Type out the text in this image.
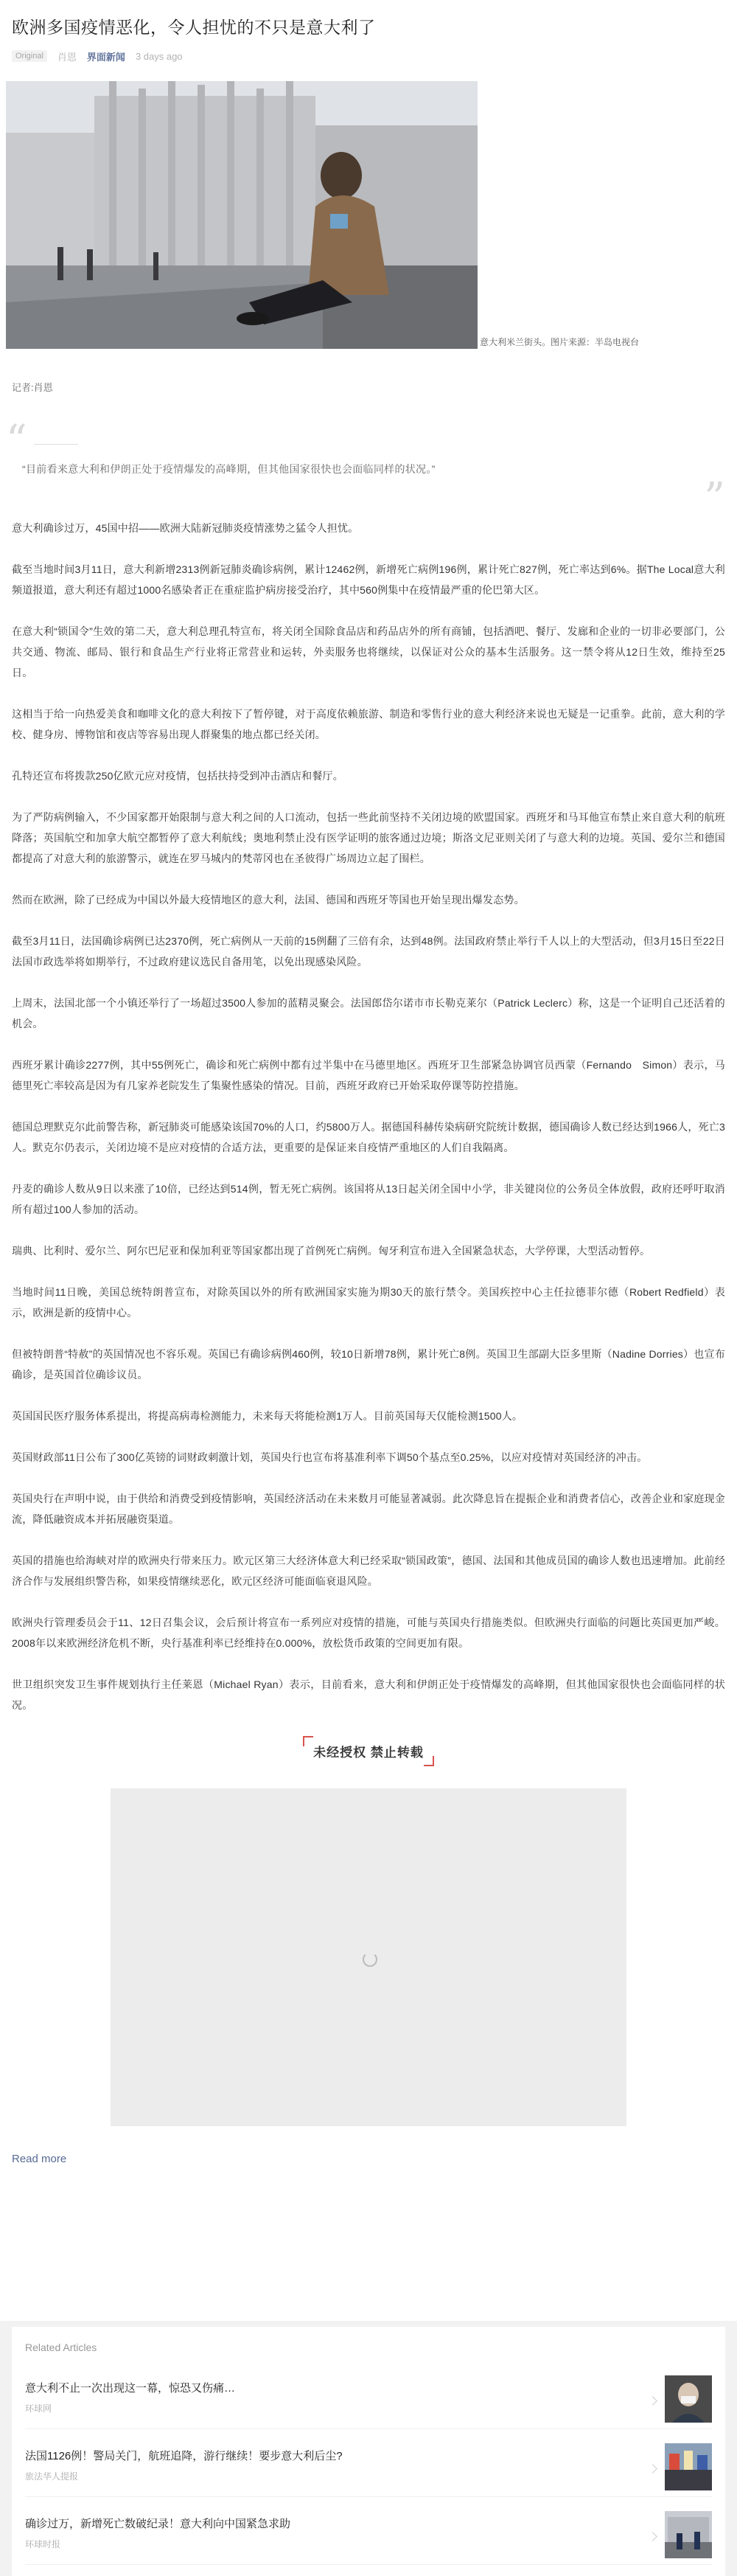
欧洲多国疫情恶化，令人担忧的不只是意大利了
Original	肖恩 界面新闻 3 days ago
意大利米兰街头。图片来源：半岛电视台
记者:肖恩
“
“目前看来意大利和伊朗正处于疫情爆发的高峰期，但其他国家很快也会面临同样的状况。”
”

意大利确诊过万，45国中招——欧洲大陆新冠肺炎疫情涨势之猛令人担忧。

截至当地时间3月11日，意大利新增2313例新冠肺炎确诊病例，累计12462例，新增死亡病例196例，累计死亡827例，死亡率达到6%。据The Local意大利频道报道，意大利还有超过1000名感染者正在重症监护病房接受治疗，其中560例集中在疫情最严重的伦巴第大区。

在意大利“锁国令”生效的第二天，意大利总理孔特宣布，将关闭全国除食品店和药品店外的所有商铺，包括酒吧、餐厅、发廊和企业的一切非必要部门，公共交通、物流、邮局、银行和食品生产行业将正常营业和运转，外卖服务也将继续，以保证对公众的基本生活服务。这一禁令将从12日生效，维持至25日。

这相当于给一向热爱美食和咖啡文化的意大利按下了暂停键，对于高度依赖旅游、制造和零售行业的意大利经济来说也无疑是一记重拳。此前，意大利的学校、健身房、博物馆和夜店等容易出现人群聚集的地点都已经关闭。

孔特还宣布将拨款250亿欧元应对疫情，包括扶持受到冲击酒店和餐厅。

为了严防病例输入，不少国家都开始限制与意大利之间的人口流动，包括一些此前坚持不关闭边境的欧盟国家。西班牙和马耳他宣布禁止来自意大利的航班降落；英国航空和加拿大航空都暂停了意大利航线；奥地利禁止没有医学证明的旅客通过边境；斯洛文尼亚则关闭了与意大利的边境。英国、爱尔兰和德国都提高了对意大利的旅游警示，就连在罗马城内的梵蒂冈也在圣彼得广场周边立起了围栏。

然而在欧洲，除了已经成为中国以外最大疫情地区的意大利，法国、德国和西班牙等国也开始呈现出爆发态势。

截至3月11日，法国确诊病例已达2370例，死亡病例从一天前的15例翻了三倍有余，达到48例。法国政府禁止举行千人以上的大型活动，但3月15日至22日法国市政选举将如期举行，不过政府建议选民自备用笔，以免出现感染风险。

上周末，法国北部一个小镇还举行了一场超过3500人参加的蓝精灵聚会。法国郎岱尔诺市市长勒克莱尔（Patrick Leclerc）称，这是一个证明自己还活着的机会。

西班牙累计确诊2277例，其中55例死亡，确诊和死亡病例中都有过半集中在马德里地区。西班牙卫生部紧急协调官员西蒙（Fernando　Simon）表示，马德里死亡率较高是因为有几家养老院发生了集聚性感染的情况。目前，西班牙政府已开始采取停课等防控措施。

德国总理默克尔此前警告称，新冠肺炎可能感染该国70%的人口，约5800万人。据德国科赫传染病研究院统计数据，德国确诊人数已经达到1966人，死亡3人。默克尔仍表示，关闭边境不是应对疫情的合适方法，更重要的是保证来自疫情严重地区的人们自我隔离。

丹麦的确诊人数从9日以来涨了10倍，已经达到514例，暂无死亡病例。该国将从13日起关闭全国中小学，非关键岗位的公务员全体放假，政府还呼吁取消所有超过100人参加的活动。

瑞典、比利时、爱尔兰、阿尔巴尼亚和保加利亚等国家都出现了首例死亡病例。匈牙利宣布进入全国紧急状态，大学停课，大型活动暂停。

当地时间11日晚，美国总统特朗普宣布，对除英国以外的所有欧洲国家实施为期30天的旅行禁令。美国疾控中心主任拉德菲尔德（Robert Redfield）表示，欧洲是新的疫情中心。

但被特朗普“特赦”的英国情况也不容乐观。英国已有确诊病例460例，较10日新增78例，累计死亡8例。英国卫生部副大臣多里斯（Nadine Dorries）也宣布确诊，是英国首位确诊议员。

英国国民医疗服务体系提出，将提高病毒检测能力，未来每天将能检测1万人。目前英国每天仅能检测1500人。

英国财政部11日公布了300亿英镑的词财政刺激计划，英国央行也宣布将基准利率下调50个基点至0.25%，以应对疫情对英国经济的冲击。

英国央行在声明中说，由于供给和消费受到疫情影响，英国经济活动在未来数月可能显著减弱。此次降息旨在提振企业和消费者信心，改善企业和家庭现金流，降低融资成本并拓展融资渠道。

英国的措施也给海峡对岸的欧洲央行带来压力。欧元区第三大经济体意大利已经采取“锁国政策”，德国、法国和其他成员国的确诊人数也迅速增加。此前经济合作与发展组织警告称，如果疫情继续恶化，欧元区经济可能面临衰退风险。

欧洲央行管理委员会于11、12日召集会议，会后预计将宣布一系列应对疫情的措施，可能与英国央行措施类似。但欧洲央行面临的问题比英国更加严峻。2008年以来欧洲经济危机不断，央行基准利率已经维持在0.000%，放松货币政策的空间更加有限。

世卫组织突发卫生事件规划执行主任莱恩（Michael Ryan）表示，目前看来，意大利和伊朗正处于疫情爆发的高峰期，但其他国家很快也会面临同样的状况。

未经授权 禁止转载
Read more
Related Articles
意大利不止一次出现这一幕，惊恐又伤痛…
环球网
法国1126例！警局关门，航班追降，游行继续！要步意大利后尘?
旅法华人提报
确诊过万，新增死亡数破纪录！意大利向中国紧急求助
环球时报
